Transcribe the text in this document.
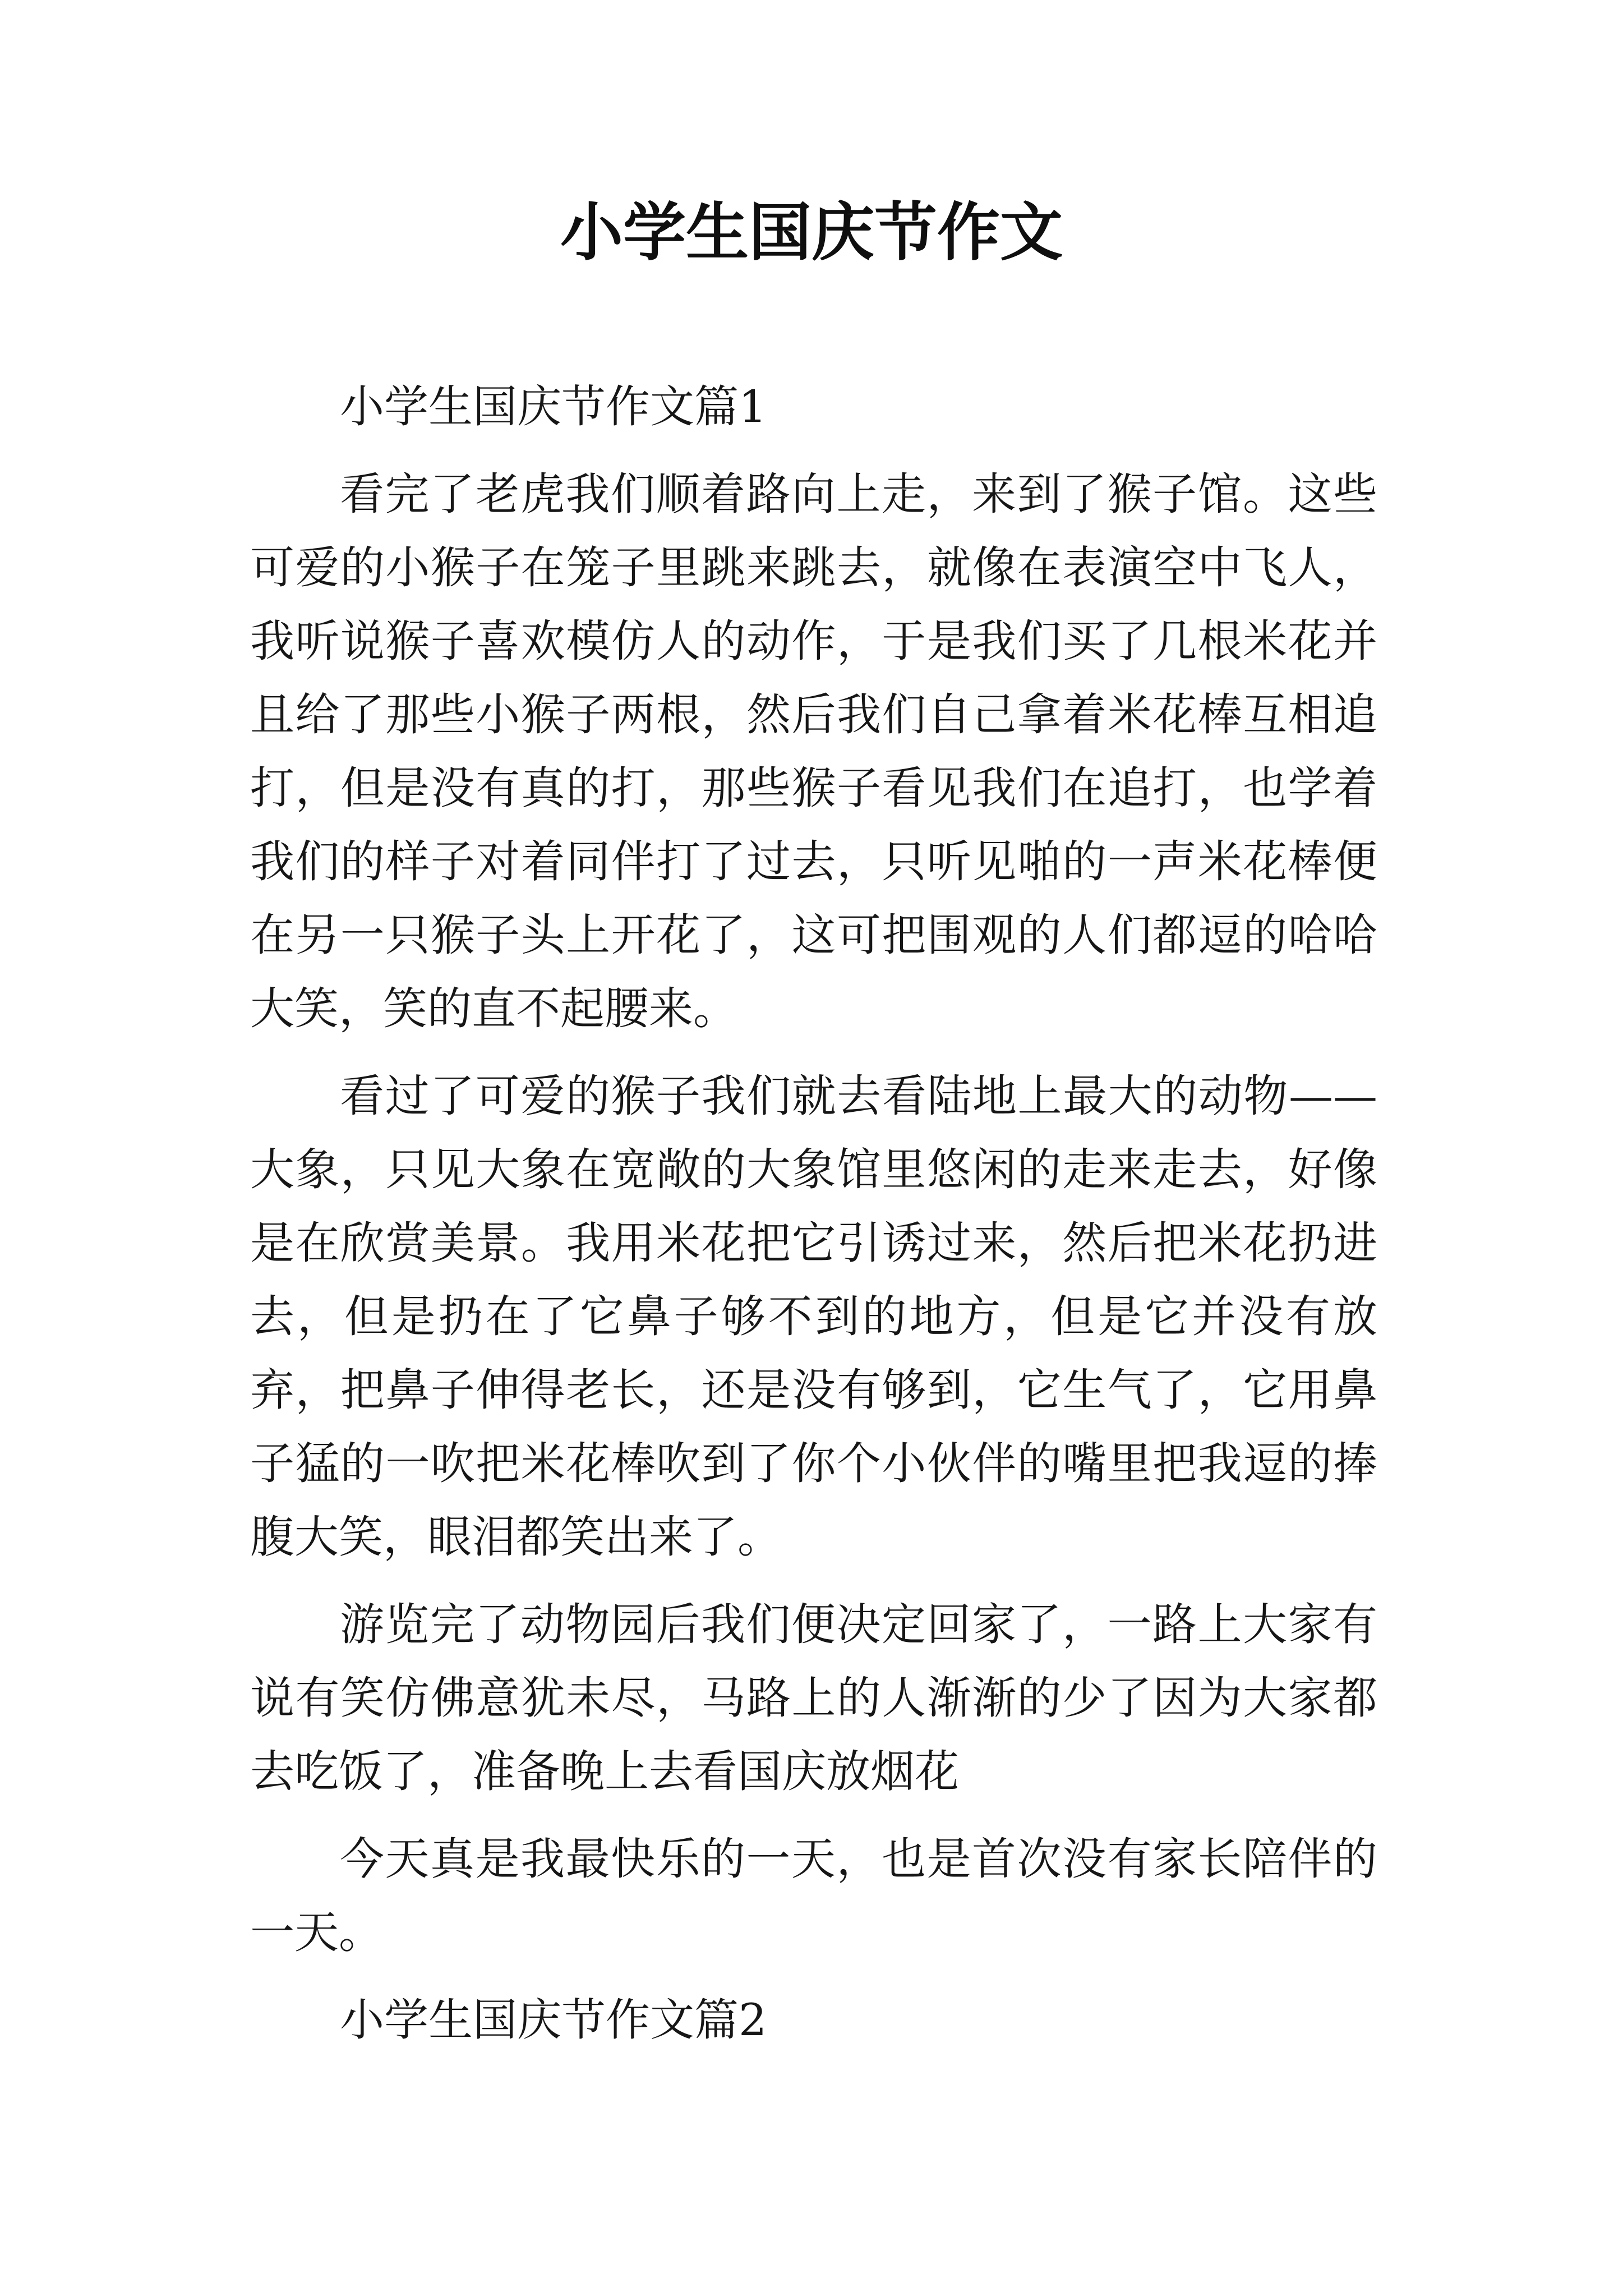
小学生国庆节作文

小学生国庆节作文篇1

看完了老虎我们顺着路向上走，来到了猴子馆。这些可爱的小猴子在笼子里跳来跳去，就像在表演空中飞人，我听说猴子喜欢模仿人的动作，于是我们买了几根米花并且给了那些小猴子两根，然后我们自己拿着米花棒互相追打，但是没有真的打，那些猴子看见我们在追打，也学着我们的样子对着同伴打了过去，只听见啪的一声米花棒便在另一只猴子头上开花了，这可把围观的人们都逗的哈哈大笑，笑的直不起腰来。

看过了可爱的猴子我们就去看陆地上最大的动物——大象，只见大象在宽敞的大象馆里悠闲的走来走去，好像是在欣赏美景。我用米花把它引诱过来，然后把米花扔进去，但是扔在了它鼻子够不到的地方，但是它并没有放弃，把鼻子伸得老长，还是没有够到，它生气了，它用鼻子猛的一吹把米花棒吹到了你个小伙伴的嘴里把我逗的捧腹大笑，眼泪都笑出来了。

游览完了动物园后我们便决定回家了，一路上大家有说有笑仿佛意犹未尽，马路上的人渐渐的少了因为大家都去吃饭了，准备晚上去看国庆放烟花

今天真是我最快乐的一天，也是首次没有家长陪伴的一天。

小学生国庆节作文篇2
